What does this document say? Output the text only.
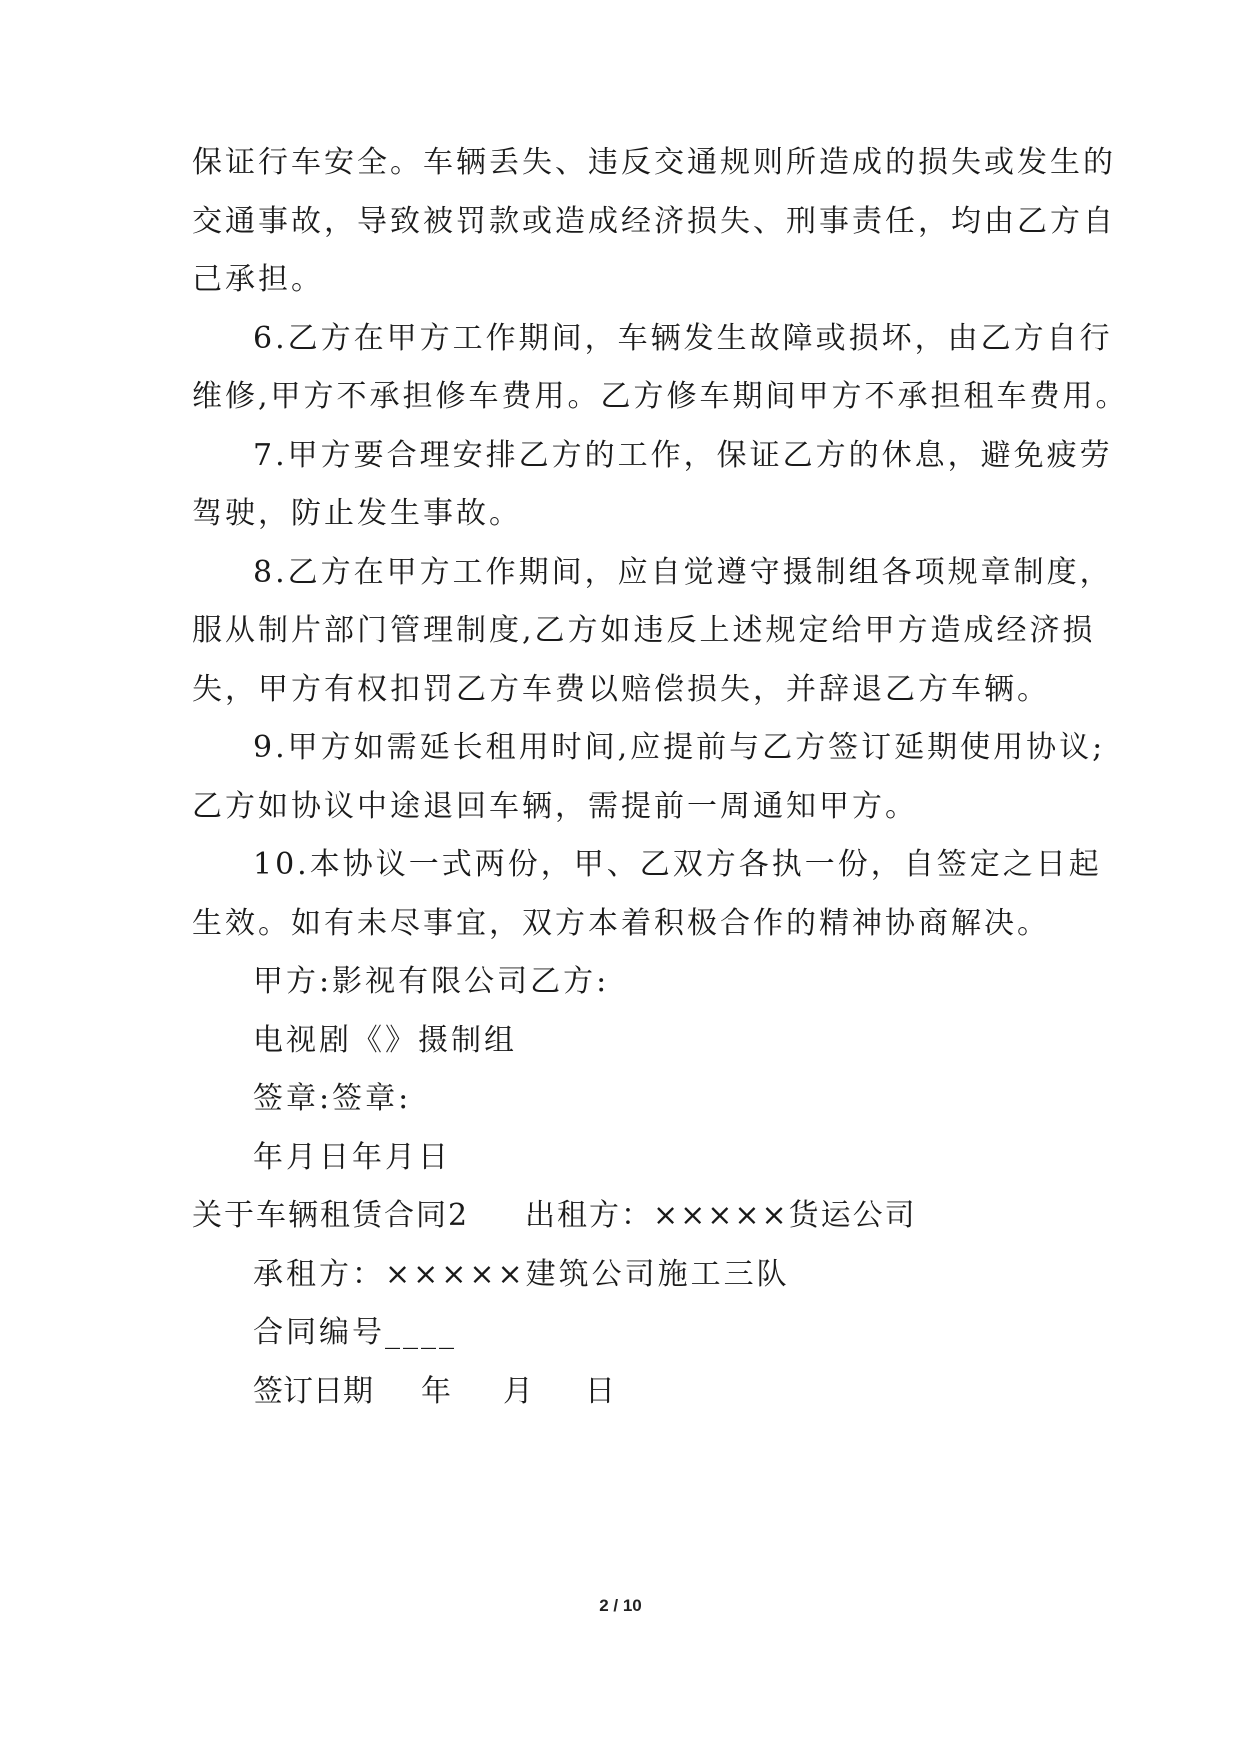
保证行车安全。车辆丢失、违反交通规则所造成的损失或发生的
交通事故，导致被罚款或造成经济损失、刑事责任，均由乙方自
己承担。
6.乙方在甲方工作期间，车辆发生故障或损坏，由乙方自行
维修,甲方不承担修车费用。乙方修车期间甲方不承担租车费用。
7.甲方要合理安排乙方的工作，保证乙方的休息，避免疲劳
驾驶，防止发生事故。
8.乙方在甲方工作期间，应自觉遵守摄制组各项规章制度，
服从制片部门管理制度,乙方如违反上述规定给甲方造成经济损
失，甲方有权扣罚乙方车费以赔偿损失，并辞退乙方车辆。
9.甲方如需延长租用时间,应提前与乙方签订延期使用协议;
乙方如协议中途退回车辆，需提前一周通知甲方。
10.本协议一式两份，甲、乙双方各执一份，自签定之日起
生效。如有未尽事宜，双方本着积极合作的精神协商解决。
甲方:影视有限公司乙方:
电视剧《》摄制组
签章:签章:
年月日年月日
关于车辆租赁合同2 出租方：×××××货运公司
承租方：×××××建筑公司施工三队
合同编号____
签订日期 年 月 日
2 / 10
